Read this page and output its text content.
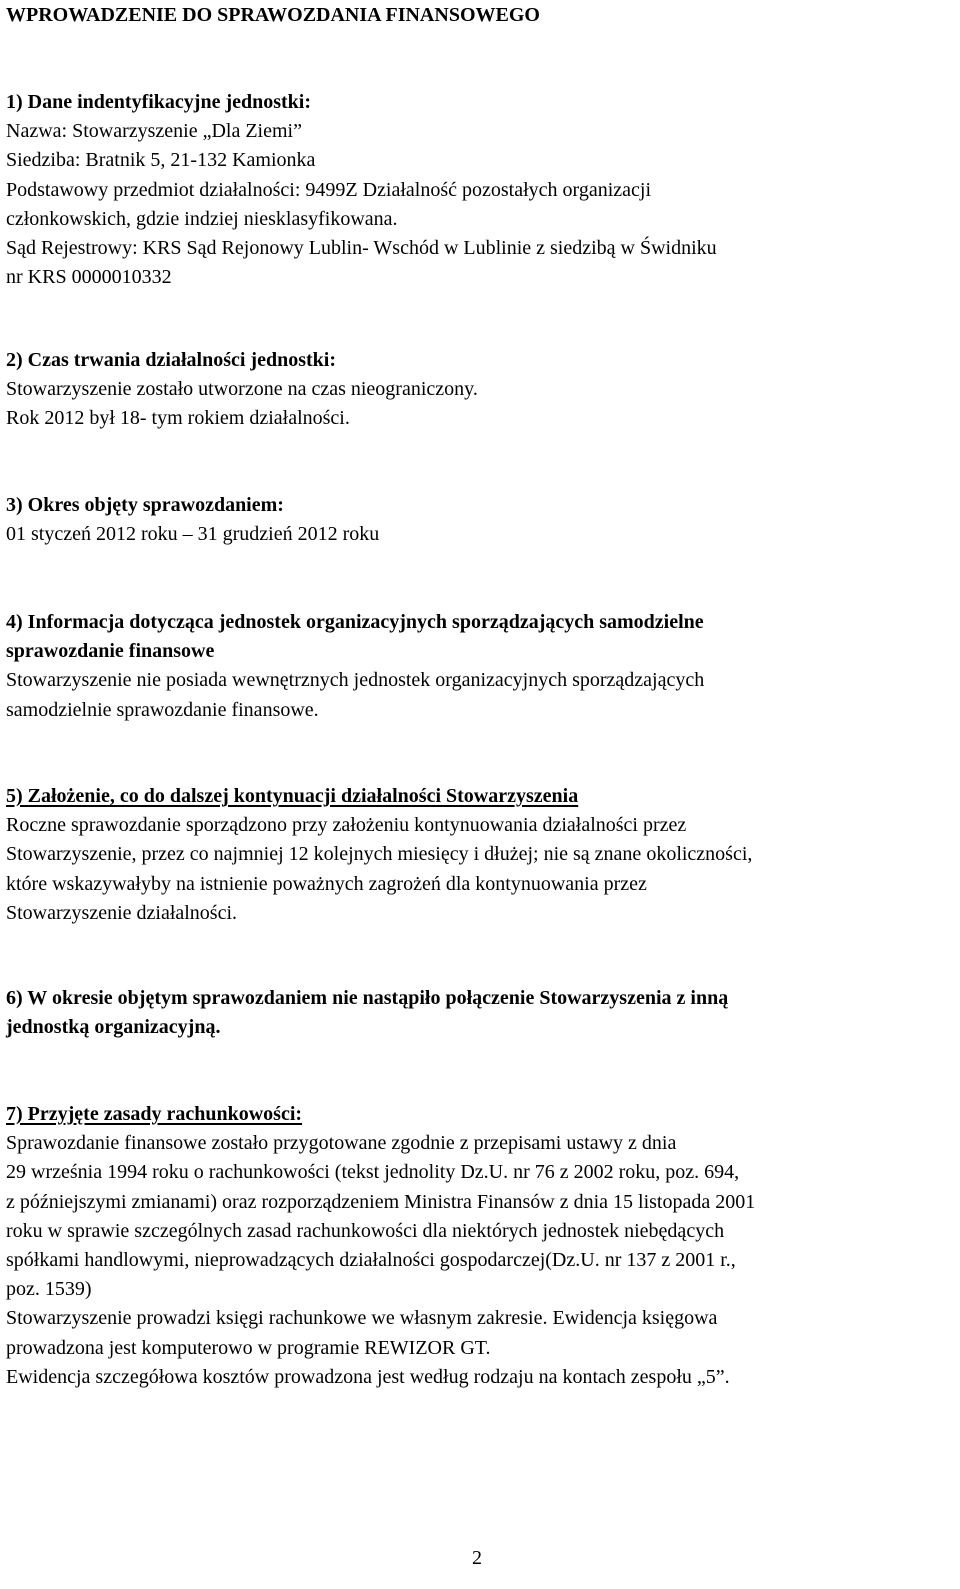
WPROWADZENIE DO SPRAWOZDANIA FINANSOWEGO
1) Dane indentyfikacyjne jednostki:
Nazwa: Stowarzyszenie „Dla Ziemi”
Siedziba: Bratnik 5, 21-132 Kamionka
Podstawowy przedmiot działalności: 9499Z Działalność pozostałych organizacji
członkowskich, gdzie indziej niesklasyfikowana.
Sąd Rejestrowy: KRS Sąd Rejonowy Lublin- Wschód w Lublinie z siedzibą w Świdniku
nr KRS 0000010332
2) Czas trwania działalności jednostki:
Stowarzyszenie zostało utworzone na czas nieograniczony.
Rok 2012 był 18- tym rokiem działalności.
3) Okres objęty sprawozdaniem:
01 styczeń 2012 roku – 31 grudzień 2012 roku
4) Informacja dotycząca jednostek organizacyjnych sporządzających samodzielne
sprawozdanie finansowe
Stowarzyszenie nie posiada wewnętrznych jednostek organizacyjnych sporządzających
samodzielnie sprawozdanie finansowe.
5) Założenie, co do dalszej kontynuacji działalności Stowarzyszenia
Roczne sprawozdanie sporządzono przy założeniu kontynuowania działalności przez
Stowarzyszenie, przez co najmniej 12 kolejnych miesięcy i dłużej; nie są znane okoliczności,
które wskazywałyby na istnienie poważnych zagrożeń dla kontynuowania przez
Stowarzyszenie działalności.
6) W okresie objętym sprawozdaniem nie nastąpiło połączenie Stowarzyszenia z inną
jednostką organizacyjną.
7) Przyjęte zasady rachunkowości:
Sprawozdanie finansowe zostało przygotowane zgodnie z przepisami ustawy z dnia
29 września 1994 roku o rachunkowości (tekst jednolity Dz.U. nr 76 z 2002 roku, poz. 694,
z późniejszymi zmianami) oraz rozporządzeniem Ministra Finansów z dnia 15 listopada 2001
roku w sprawie szczególnych zasad rachunkowości dla niektórych jednostek niebędących
spółkami handlowymi, nieprowadzących działalności gospodarczej(Dz.U. nr 137 z 2001 r.,
poz. 1539)
Stowarzyszenie prowadzi księgi rachunkowe we własnym zakresie. Ewidencja księgowa
prowadzona jest komputerowo w programie REWIZOR GT.
Ewidencja szczegółowa kosztów prowadzona jest według rodzaju na kontach zespołu „5”.
2
